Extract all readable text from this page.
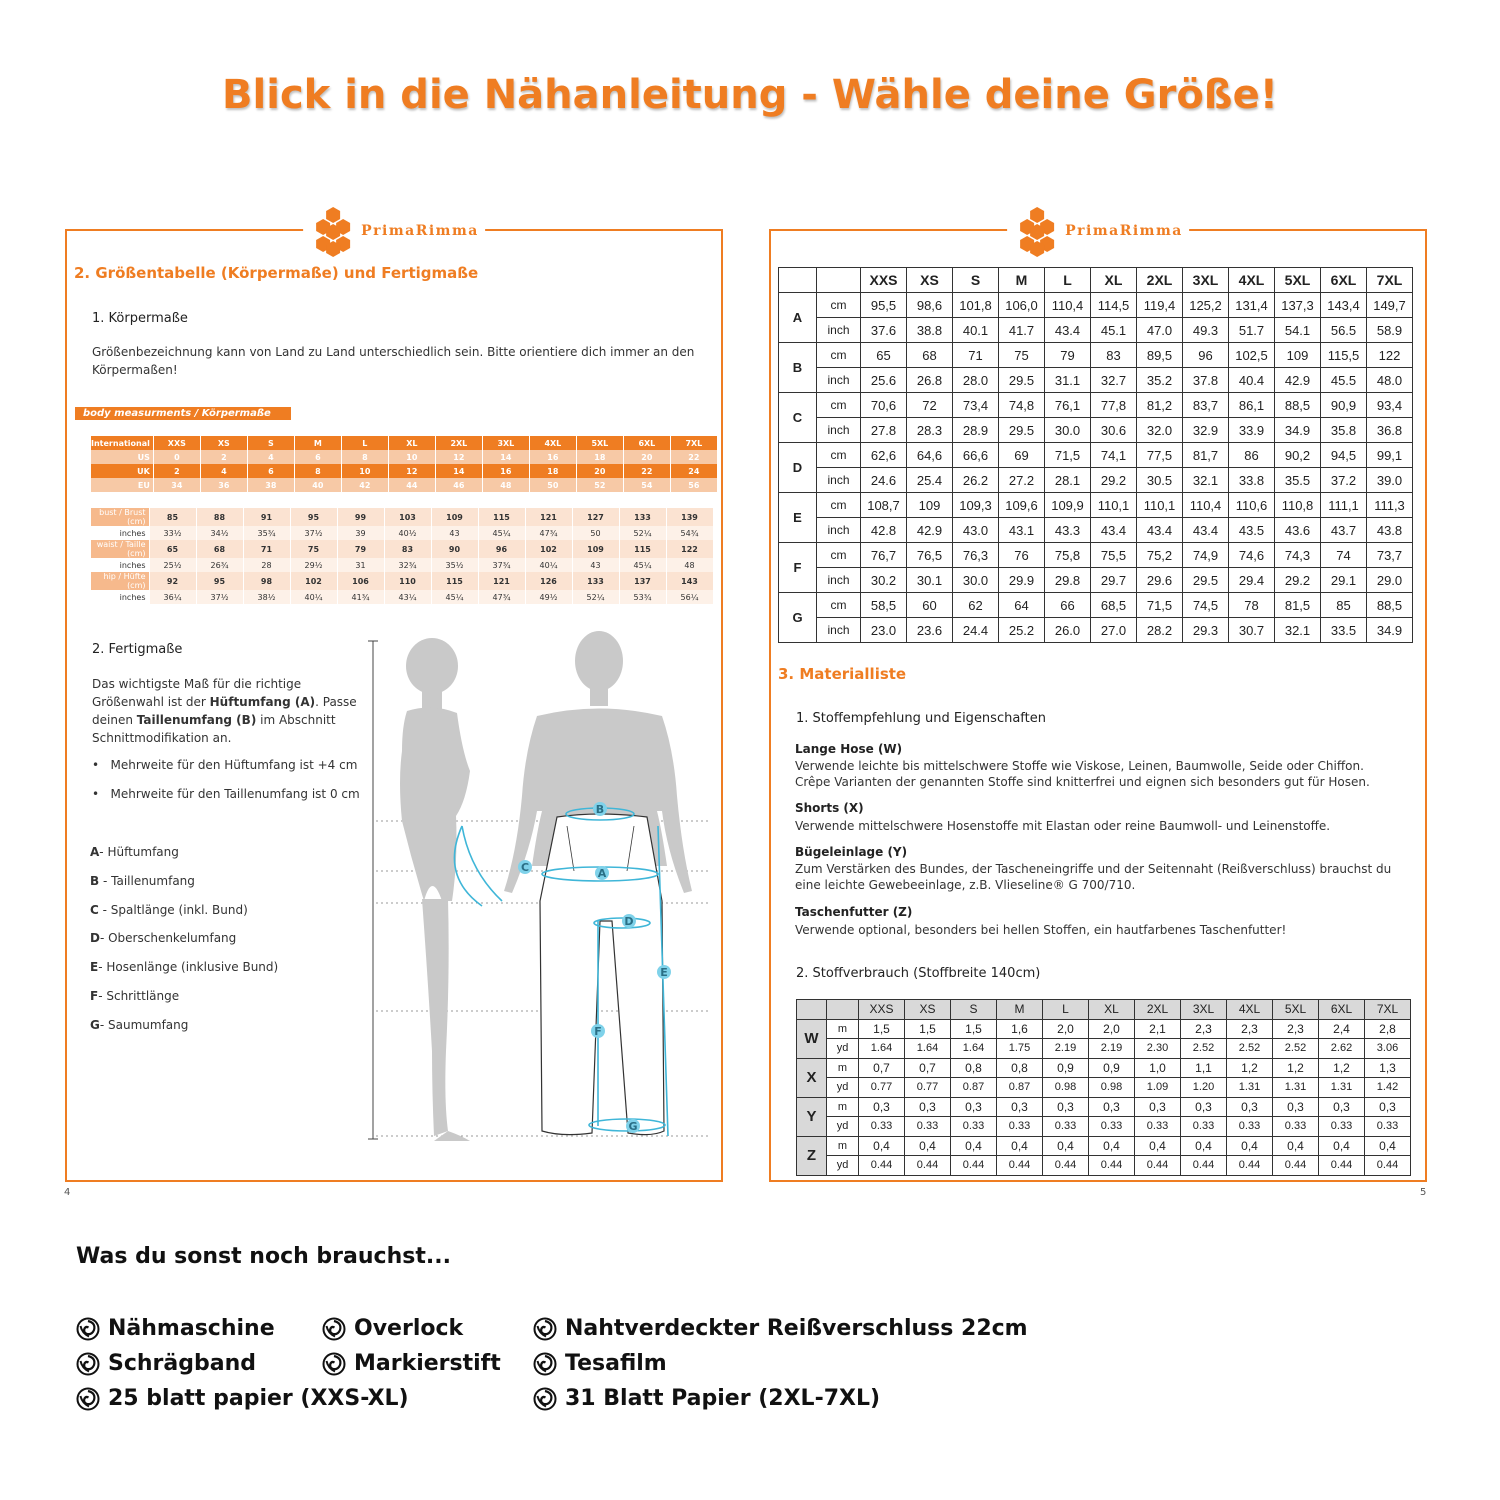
Blick in die Nähanleitung - Wähle deine Größe!
PrimaRimma
2. Größentabelle (Körpermaße) und Fertigmaße
1. Körpermaße
Größenbezeichnung kann von Land zu Land unterschiedlich sein. Bitte orientiere dich immer an den Körpermaßen!
body measurments / Körpermaße
International	XXS	XS	S	M	L	XL	2XL	3XL	4XL	5XL	6XL	7XL
US	0	2	4	6	8	10	12	14	16	18	20	22
UK	2	4	6	8	10	12	14	16	18	20	22	24
EU	34	36	38	40	42	44	46	48	50	52	54	56
bust / Brust (cm)	85	88	91	95	99	103	109	115	121	127	133	139
inches	33½	34½	35¾	37½	39	40½	43	45¼	47¾	50	52¼	54¾
waist / Taille (cm)	65	68	71	75	79	83	90	96	102	109	115	122
inches	25½	26¾	28	29½	31	32¾	35½	37¾	40¼	43	45¼	48
hip / Hüfte (cm)	92	95	98	102	106	110	115	121	126	133	137	143
inches	36¼	37½	38½	40¼	41¾	43¼	45¼	47¾	49½	52¼	53¾	56¼
2. Fertigmaße
Das wichtigste Maß für die richtige Größenwahl ist der Hüftumfang (A). Passe deinen Taillenumfang (B) im Abschnitt Schnittmodifikation an.
•   Mehrweite für den Hüftumfang ist +4 cm
•   Mehrweite für den Taillenumfang ist 0 cm
A- Hüftumfang
B - Taillenumfang
C - Spaltlänge (inkl. Bund)
D- Oberschenkelumfang
E- Hosenlänge (inklusive Bund)
F- Schrittlänge
G- Saumumfang
B
C	A
D
E
F
G
4
PrimaRimma
		XXS	XS	S	M	L	XL	2XL	3XL	4XL	5XL	6XL	7XL
A	cm	95,5	98,6	101,8	106,0	110,4	114,5	119,4	125,2	131,4	137,3	143,4	149,7
	inch	37.6	38.8	40.1	41.7	43.4	45.1	47.0	49.3	51.7	54.1	56.5	58.9
B	cm	65	68	71	75	79	83	89,5	96	102,5	109	115,5	122
	inch	25.6	26.8	28.0	29.5	31.1	32.7	35.2	37.8	40.4	42.9	45.5	48.0
C	cm	70,6	72	73,4	74,8	76,1	77,8	81,2	83,7	86,1	88,5	90,9	93,4
	inch	27.8	28.3	28.9	29.5	30.0	30.6	32.0	32.9	33.9	34.9	35.8	36.8
D	cm	62,6	64,6	66,6	69	71,5	74,1	77,5	81,7	86	90,2	94,5	99,1
	inch	24.6	25.4	26.2	27.2	28.1	29.2	30.5	32.1	33.8	35.5	37.2	39.0
E	cm	108,7	109	109,3	109,6	109,9	110,1	110,1	110,4	110,6	110,8	111,1	111,3
	inch	42.8	42.9	43.0	43.1	43.3	43.4	43.4	43.4	43.5	43.6	43.7	43.8
F	cm	76,7	76,5	76,3	76	75,8	75,5	75,2	74,9	74,6	74,3	74	73,7
	inch	30.2	30.1	30.0	29.9	29.8	29.7	29.6	29.5	29.4	29.2	29.1	29.0
G	cm	58,5	60	62	64	66	68,5	71,5	74,5	78	81,5	85	88,5
	inch	23.0	23.6	24.4	25.2	26.0	27.0	28.2	29.3	30.7	32.1	33.5	34.9
3. Materialliste
1. Stoffempfehlung und Eigenschaften
Lange Hose (W)
Verwende leichte bis mittelschwere Stoffe wie Viskose, Leinen, Baumwolle, Seide oder Chiffon. Crêpe Varianten der genannten Stoffe sind knitterfrei und eignen sich besonders gut für Hosen.
Shorts (X)
Verwende mittelschwere Hosenstoffe mit Elastan oder reine Baumwoll- und Leinenstoffe.
Bügeleinlage (Y)
Zum Verstärken des Bundes, der Tascheneingriffe und der Seitennaht (Reißverschluss) brauchst du eine leichte Gewebeeinlage, z.B. Vlieseline® G 700/710.
Taschenfutter (Z)
Verwende optional, besonders bei hellen Stoffen, ein hautfarbenes Taschenfutter!
2. Stoffverbrauch (Stoffbreite 140cm)
		XXS	XS	S	M	L	XL	2XL	3XL	4XL	5XL	6XL	7XL
W	m	1,5	1,5	1,5	1,6	2,0	2,0	2,1	2,3	2,3	2,3	2,4	2,8
	yd	1.64	1.64	1.64	1.75	2.19	2.19	2.30	2.52	2.52	2.52	2.62	3.06
X	m	0,7	0,7	0,8	0,8	0,9	0,9	1,0	1,1	1,2	1,2	1,2	1,3
	yd	0.77	0.77	0.87	0.87	0.98	0.98	1.09	1.20	1.31	1.31	1.31	1.42
Y	m	0,3	0,3	0,3	0,3	0,3	0,3	0,3	0,3	0,3	0,3	0,3	0,3
	yd	0.33	0.33	0.33	0.33	0.33	0.33	0.33	0.33	0.33	0.33	0.33	0.33
Z	m	0,4	0,4	0,4	0,4	0,4	0,4	0,4	0,4	0,4	0,4	0,4	0,4
	yd	0.44	0.44	0.44	0.44	0.44	0.44	0.44	0.44	0.44	0.44	0.44	0.44
5
Was du sonst noch brauchst...
Nähmaschine	Overlock	Nahtverdeckter Reißverschluss 22cm
Schrägband	Markierstift	Tesafilm
25 blatt papier (XXS-XL)	31 Blatt Papier (2XL-7XL)
